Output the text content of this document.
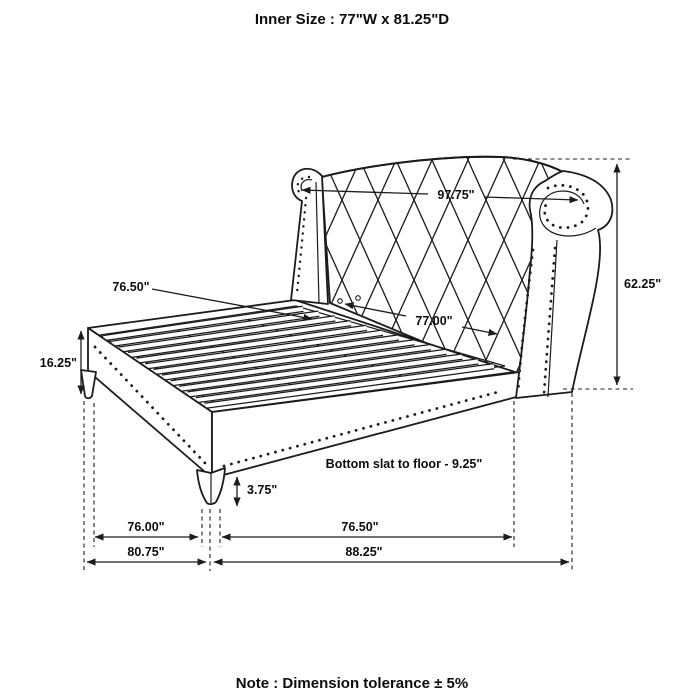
Inner Size : 77"W x 81.25"D
97.75"
76.50"
77.00"
62.25"
16.25"
3.75"
Bottom slat to floor - 9.25"
76.00"
80.75"
76.50"
88.25"
Note : Dimension tolerance ± 5%
